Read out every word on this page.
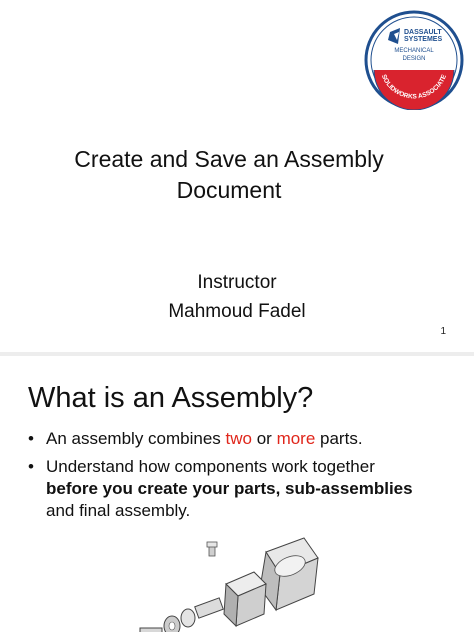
DASSAULT
SYSTEMES
MECHANICAL
DESIGN
SOLIDWORKS ASSOCIATE
Create and Save an Assembly
Document
Instructor
Mahmoud Fadel
1
What is an Assembly?
• An assembly combines two or more parts.
• Understand how components work together before you create your parts, sub-assemblies and final assembly.
